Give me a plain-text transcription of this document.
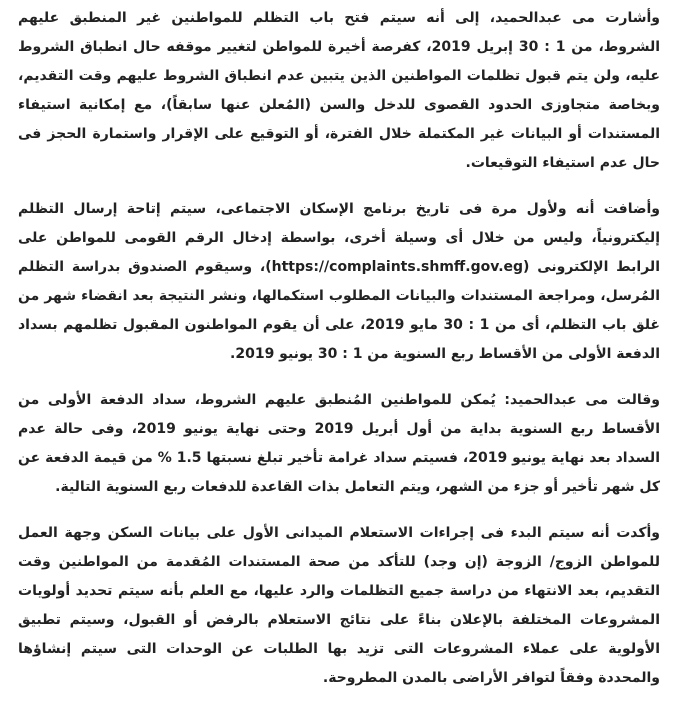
وأشارت مى عبدالحميد، إلى أنه سيتم فتح باب التظلم للمواطنين غير المنطبق عليهم الشروط، من 1 : 30 إبريل 2019، كفرصة أخيرة للمواطن لتغيير موقفه حال انطباق الشروط عليه، ولن يتم قبول تظلمات المواطنين الذين يتبين عدم انطباق الشروط عليهم وقت التقديم، وبخاصة متجاوزى الحدود القصوى للدخل والسن (المُعلن عنها سابقاً)، مع إمكانية استيفاء المستندات أو البيانات غير المكتملة خلال الفترة، أو التوقيع على الإقرار واستمارة الحجز فى حال عدم استيفاء التوقيعات.

وأضافت أنه ولأول مرة فى تاريخ برنامج الإسكان الاجتماعى، سيتم إتاحة إرسال التظلم إليكترونياً، وليس من خلال أى وسيلة أخرى، بواسطة إدخال الرقم القومى للمواطن على الرابط الإلكترونى (https://complaints.shmff.gov.eg)، وسيقوم الصندوق بدراسة التظلم المُرسل، ومراجعة المستندات والبيانات المطلوب استكمالها، ونشر النتيجة بعد انقضاء شهر من غلق باب التظلم، أى من 1 : 30 مايو 2019، على أن يقوم المواطنون المقبول تظلمهم بسداد الدفعة الأولى من الأقساط ربع السنوية من 1 : 30 يونيو 2019.

وقالت مى عبدالحميد: يُمكن للمواطنين المُنطبق عليهم الشروط، سداد الدفعة الأولى من الأقساط ربع السنوية بداية من أول أبريل 2019 وحتى نهاية يونيو 2019، وفى حالة عدم السداد بعد نهاية يونيو 2019، فسيتم سداد غرامة تأخير تبلغ نسبتها 1.5 % من قيمة الدفعة عن كل شهر تأخير أو جزء من الشهر، ويتم التعامل بذات القاعدة للدفعات ربع السنوية التالية.

وأكدت أنه سيتم البدء فى إجراءات الاستعلام الميدانى الأول على بيانات السكن وجهة العمل للمواطن الزوج/ الزوجة (إن وجد) للتأكد من صحة المستندات المُقدمة من المواطنين وقت التقديم، بعد الانتهاء من دراسة جميع التظلمات والرد عليها، مع العلم بأنه سيتم تحديد أولويات المشروعات المختلفة بالإعلان بناءً على نتائج الاستعلام بالرفض أو القبول، وسيتم تطبيق الأولوية على عملاء المشروعات التى تزيد بها الطلبات عن الوحدات التى سيتم إنشاؤها والمحددة وفقاً لتوافر الأراضى بالمدن المطروحة.
